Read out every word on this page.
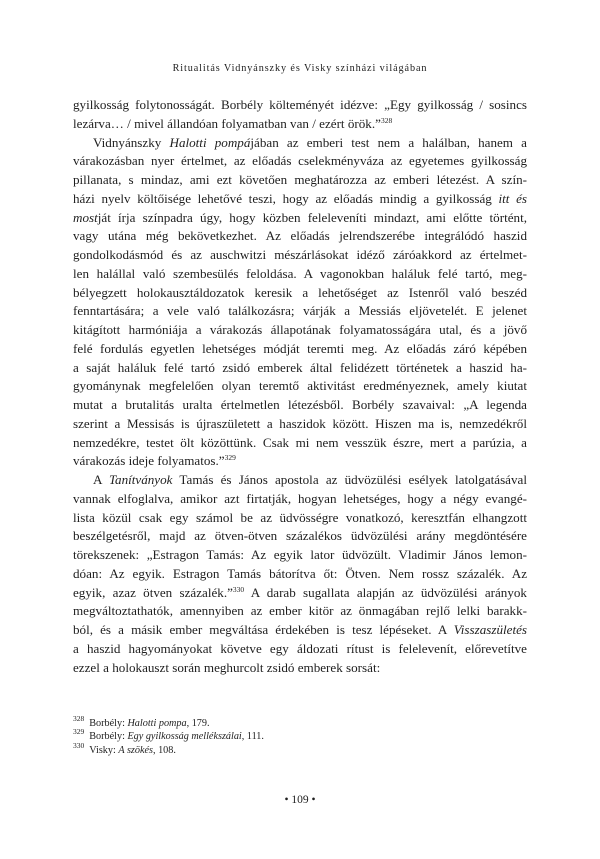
Ritualitás Vidnyánszky és Visky színházi világában

gyilkosság folytonosságát. Borbély költeményét idézve: „Egy gyilkosság / sosincs
lezárva… / mivel állandóan folyamatban van / ezért örök.”$^{328}$

Vidnyánszky Halotti pompájában az emberi test nem a halálban, hanem a
várakozásban nyer értelmet, az előadás cselekményváza az egyetemes gyilkosság
pillanata, s mindaz, ami ezt követően meghatározza az emberi létezést. A szín-
házi nyelv költőisége lehetővé teszi, hogy az előadás mindig a gyilkosság itt és
mostját írja színpadra úgy, hogy közben feleleveníti mindazt, ami előtte történt,
vagy utána még bekövetkezhet. Az előadás jelrendszerébe integrálódó haszid
gondolkodásmód és az auschwitzi mészárlásokat idéző záróakkord az értelmet-
len halállal való szembesülés feloldása. A vagonokban haláluk felé tartó, meg-
bélyegzett holokausztáldozatok keresik a lehetőséget az Istenről való beszéd
fenntartására; a vele való találkozásra; várják a Messiás eljövetelét. E jelenet
kitágított harmóniája a várakozás állapotának folyamatosságára utal, és a jövő
felé fordulás egyetlen lehetséges módját teremti meg. Az előadás záró képében
a saját haláluk felé tartó zsidó emberek által felidézett történetek a haszid ha-
gyománynak megfelelően olyan teremtő aktivitást eredményeznek, amely kiutat
mutat a brutalitás uralta értelmetlen létezésből. Borbély szavaival: „A legenda
szerint a Messisás is újraszületett a haszidok között. Hiszen ma is, nemzedékről
nemzedékre, testet ölt közöttünk. Csak mi nem vesszük észre, mert a parúzia, a
várakozás ideje folyamatos.”$^{329}$

A Tanítványok Tamás és János apostola az üdvözülési esélyek latolgatásával
vannak elfoglalva, amikor azt firtatják, hogyan lehetséges, hogy a négy evangé-
lista közül csak egy számol be az üdvösségre vonatkozó, keresztfán elhangzott
beszélgetésről, majd az ötven-ötven százalékos üdvözülési arány megdöntésére
törekszenek: „Estragon Tamás: Az egyik lator üdvözült. Vladimir János lemon-
dóan: Az egyik. Estragon Tamás bátorítva őt: Ötven. Nem rossz százalék. Az
egyik, azaz ötven százalék.”$^{330}$ A darab sugallata alapján az üdvözülési arányok
megváltoztathatók, amennyiben az ember kitör az önmagában rejlő lelki barakk-
ból, és a másik ember megváltása érdekében is tesz lépéseket. A Visszaszületés
a haszid hagyományokat követve egy áldozati rítust is felelevenít, előrevetítve
ezzel a holokauszt során meghurcolt zsidó emberek sorsát:

$^{328}$ Borbély: Halotti pompa, 179.
$^{329}$ Borbély: Egy gyilkosság mellékszálai, 111.
$^{330}$ Visky: A szökés, 108.
• 109 •
